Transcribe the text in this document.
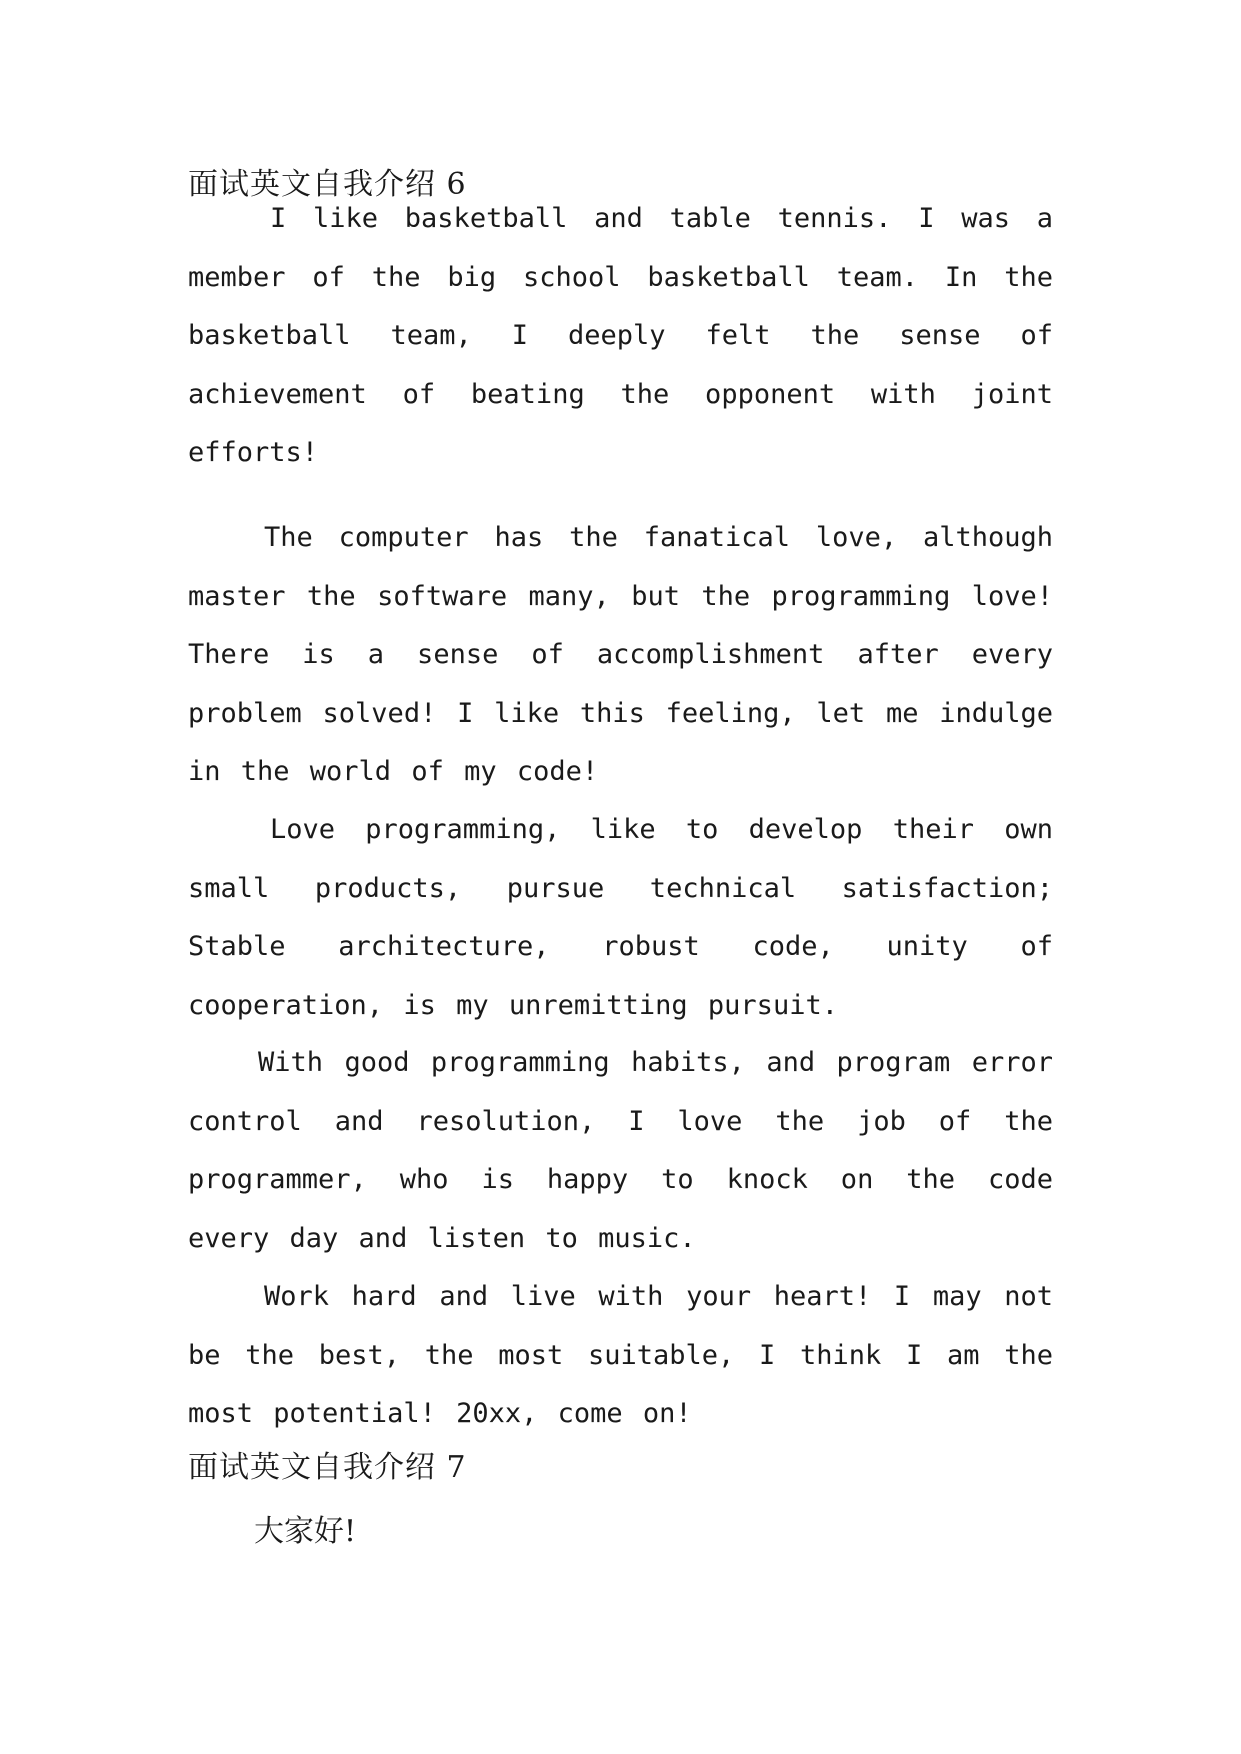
面试英文自我介绍 6
I like basketball and table tennis. I was a member of the big school basketball team. In the basketball team, I deeply felt the sense of achievement of beating the opponent with joint efforts!
The computer has the fanatical love, although master the software many, but the programming love! There is a sense of accomplishment after every problem solved! I like this feeling, let me indulge in the world of my code!
Love programming, like to develop their own small products, pursue technical satisfaction; Stable architecture, robust code, unity of cooperation, is my unremitting pursuit.
With good programming habits, and program error control and resolution, I love the job of the programmer, who is happy to knock on the code every day and listen to music.
Work hard and live with your heart! I may not be the best, the most suitable, I think I am the most potential! 20xx, come on!
面试英文自我介绍 7
大家好!
